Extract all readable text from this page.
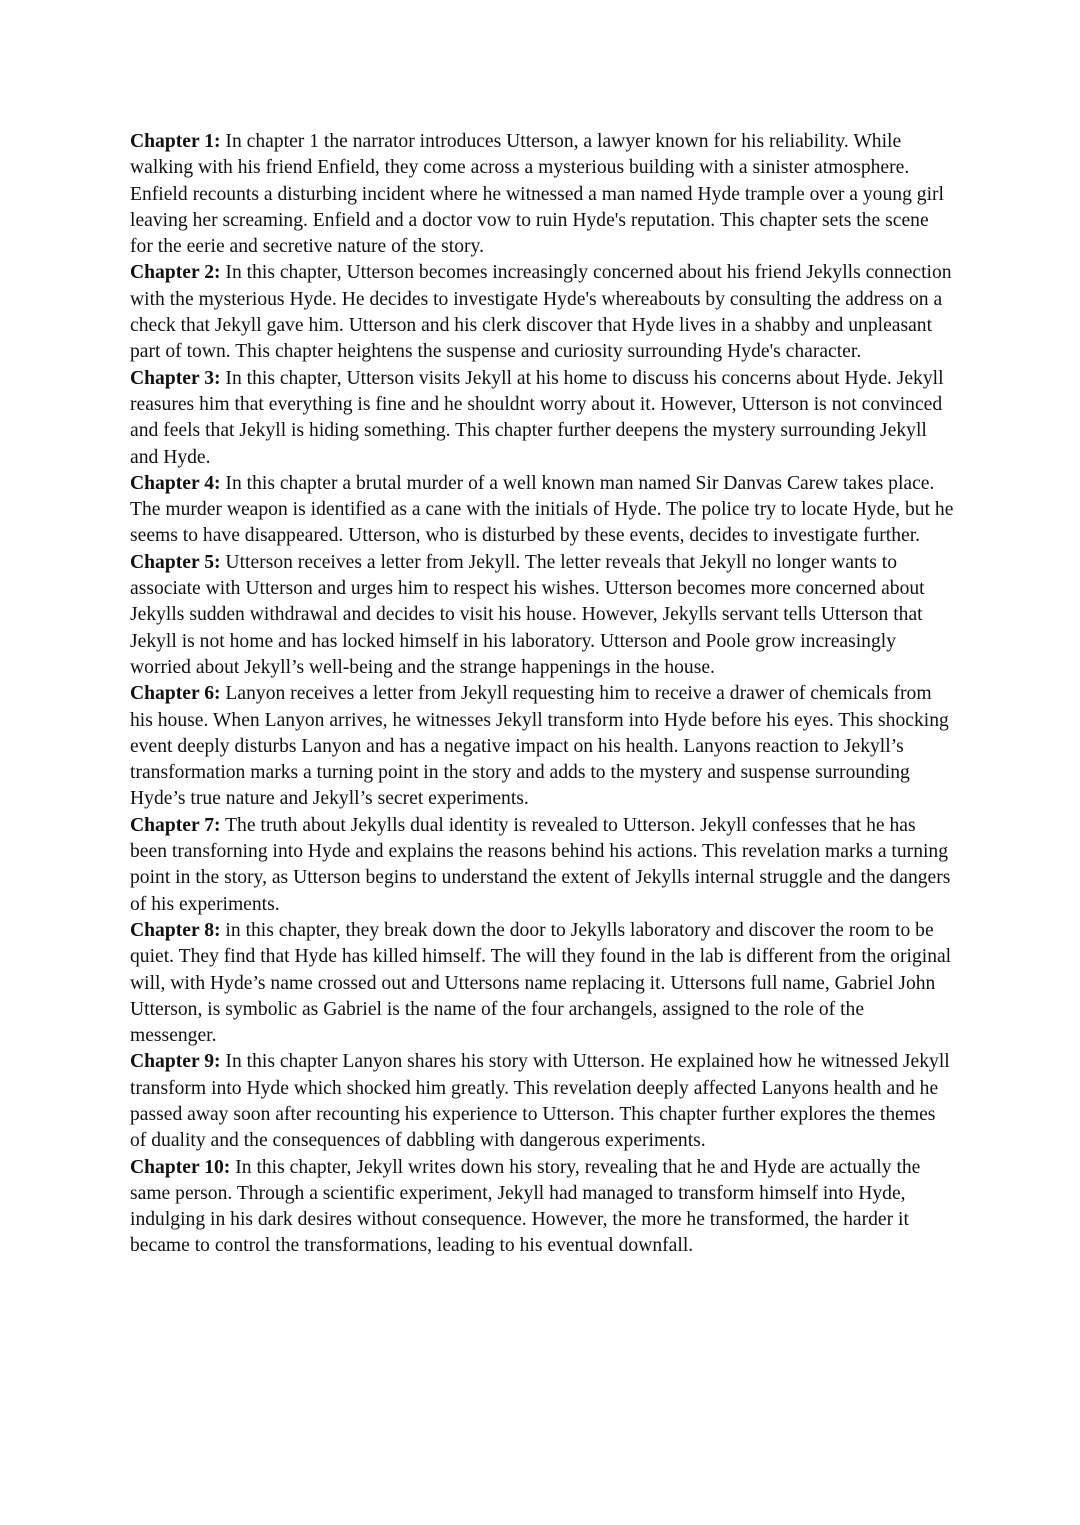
Chapter 1: In chapter 1 the narrator introduces Utterson, a lawyer known for his reliability. While walking with his friend Enfield, they come across a mysterious building with a sinister atmosphere. Enfield recounts a disturbing incident where he witnessed a man named Hyde trample over a young girl leaving her screaming. Enfield and a doctor vow to ruin Hyde's reputation. This chapter sets the scene for the eerie and secretive nature of the story.

Chapter 2: In this chapter, Utterson becomes increasingly concerned about his friend Jekylls connection with the mysterious Hyde. He decides to investigate Hyde's whereabouts by consulting the address on a check that Jekyll gave him. Utterson and his clerk discover that Hyde lives in a shabby and unpleasant part of town. This chapter heightens the suspense and curiosity surrounding Hyde's character.

Chapter 3: In this chapter, Utterson visits Jekyll at his home to discuss his concerns about Hyde. Jekyll reasures him that everything is fine and he shouldnt worry about it. However, Utterson is not convinced and feels that Jekyll is hiding something. This chapter further deepens the mystery surrounding Jekyll and Hyde.

Chapter 4: In this chapter a brutal murder of a well known man named Sir Danvas Carew takes place. The murder weapon is identified as a cane with the initials of Hyde. The police try to locate Hyde, but he seems to have disappeared. Utterson, who is disturbed by these events, decides to investigate further.

Chapter 5: Utterson receives a letter from Jekyll. The letter reveals that Jekyll no longer wants to associate with Utterson and urges him to respect his wishes. Utterson becomes more concerned about Jekylls sudden withdrawal and decides to visit his house. However, Jekylls servant tells Utterson that Jekyll is not home and has locked himself in his laboratory. Utterson and Poole grow increasingly worried about Jekyll’s well-being and the strange happenings in the house.

Chapter 6: Lanyon receives a letter from Jekyll requesting him to receive a drawer of chemicals from his house. When Lanyon arrives, he witnesses Jekyll transform into Hyde before his eyes. This shocking event deeply disturbs Lanyon and has a negative impact on his health. Lanyons reaction to Jekyll’s transformation marks a turning point in the story and adds to the mystery and suspense surrounding Hyde’s true nature and Jekyll’s secret experiments.

Chapter 7: The truth about Jekylls dual identity is revealed to Utterson. Jekyll confesses that he has been transforning into Hyde and explains the reasons behind his actions. This revelation marks a turning point in the story, as Utterson begins to understand the extent of Jekylls internal struggle and the dangers of his experiments.

Chapter 8: in this chapter, they break down the door to Jekylls laboratory and discover the room to be quiet. They find that Hyde has killed himself. The will they found in the lab is different from the original will, with Hyde’s name crossed out and Uttersons name replacing it. Uttersons full name, Gabriel John Utterson, is symbolic as Gabriel is the name of the four archangels, assigned to the role of the messenger.

Chapter 9: In this chapter Lanyon shares his story with Utterson. He explained how he witnessed Jekyll transform into Hyde which shocked him greatly. This revelation deeply affected Lanyons health and he passed away soon after recounting his experience to Utterson. This chapter further explores the themes of duality and the consequences of dabbling with dangerous experiments.

Chapter 10: In this chapter, Jekyll writes down his story, revealing that he and Hyde are actually the same person. Through a scientific experiment, Jekyll had managed to transform himself into Hyde, indulging in his dark desires without consequence. However, the more he transformed, the harder it became to control the transformations, leading to his eventual downfall.
